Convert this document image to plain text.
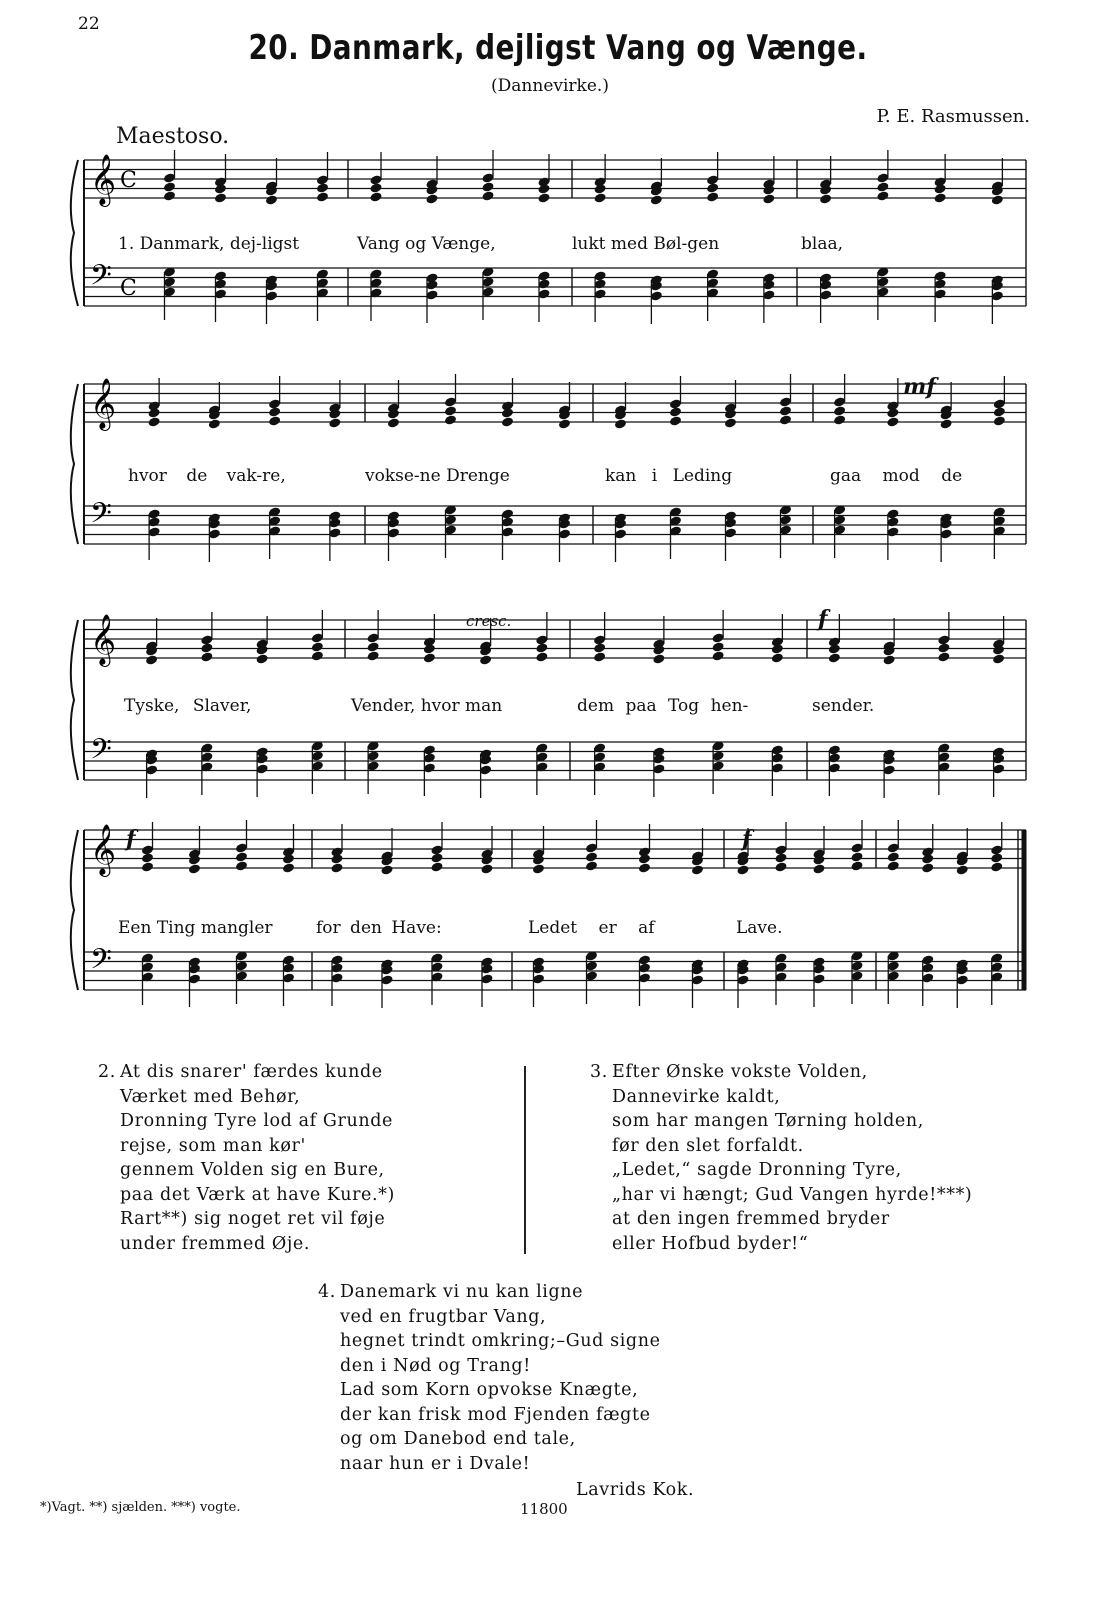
22
20. Danmark, dejligst Vang og Vænge.
(Dannevirke.)
P. E. Rasmussen.
Maestoso.
𝄞 C
𝄢 C
𝄞
𝄢
𝄞
𝄢
𝄞
𝄢
1. Danmark, dej-ligst	Vang og Vænge,	lukt med Bøl-gen	blaa,
hvor de vak-re,	vokse-ne Drenge	kan i Leding	gaa mod de
Tyske, Slaver,	Vender, hvor man	dem paa Tog hen-	sender.
Een Ting mangler	for den Have:	Ledet er af	Lave.
mf
cresc.	f
f	f
2. At dis snarer' færdes kunde
Værket med Behør,
Dronning Tyre lod af Grunde
rejse, som man kør'
gennem Volden sig en Bure,
paa det Værk at have Kure.*)
Rart**) sig noget ret vil føje
under fremmed Øje.
3. Efter Ønske vokste Volden,
Dannevirke kaldt,
som har mangen Tørning holden,
før den slet forfaldt.
„Ledet,“ sagde Dronning Tyre,
„har vi hængt; Gud Vangen hyrde!***)
at den ingen fremmed bryder
eller Hofbud byder!“
4. Danemark vi nu kan ligne
ved en frugtbar Vang,
hegnet trindt omkring;–Gud signe
den i Nød og Trang!
Lad som Korn opvokse Knægte,
der kan frisk mod Fjenden fægte
og om Danebod end tale,
naar hun er i Dvale!
Lavrids Kok.
*)Vagt. **) sjælden. ***) vogte.	11800
